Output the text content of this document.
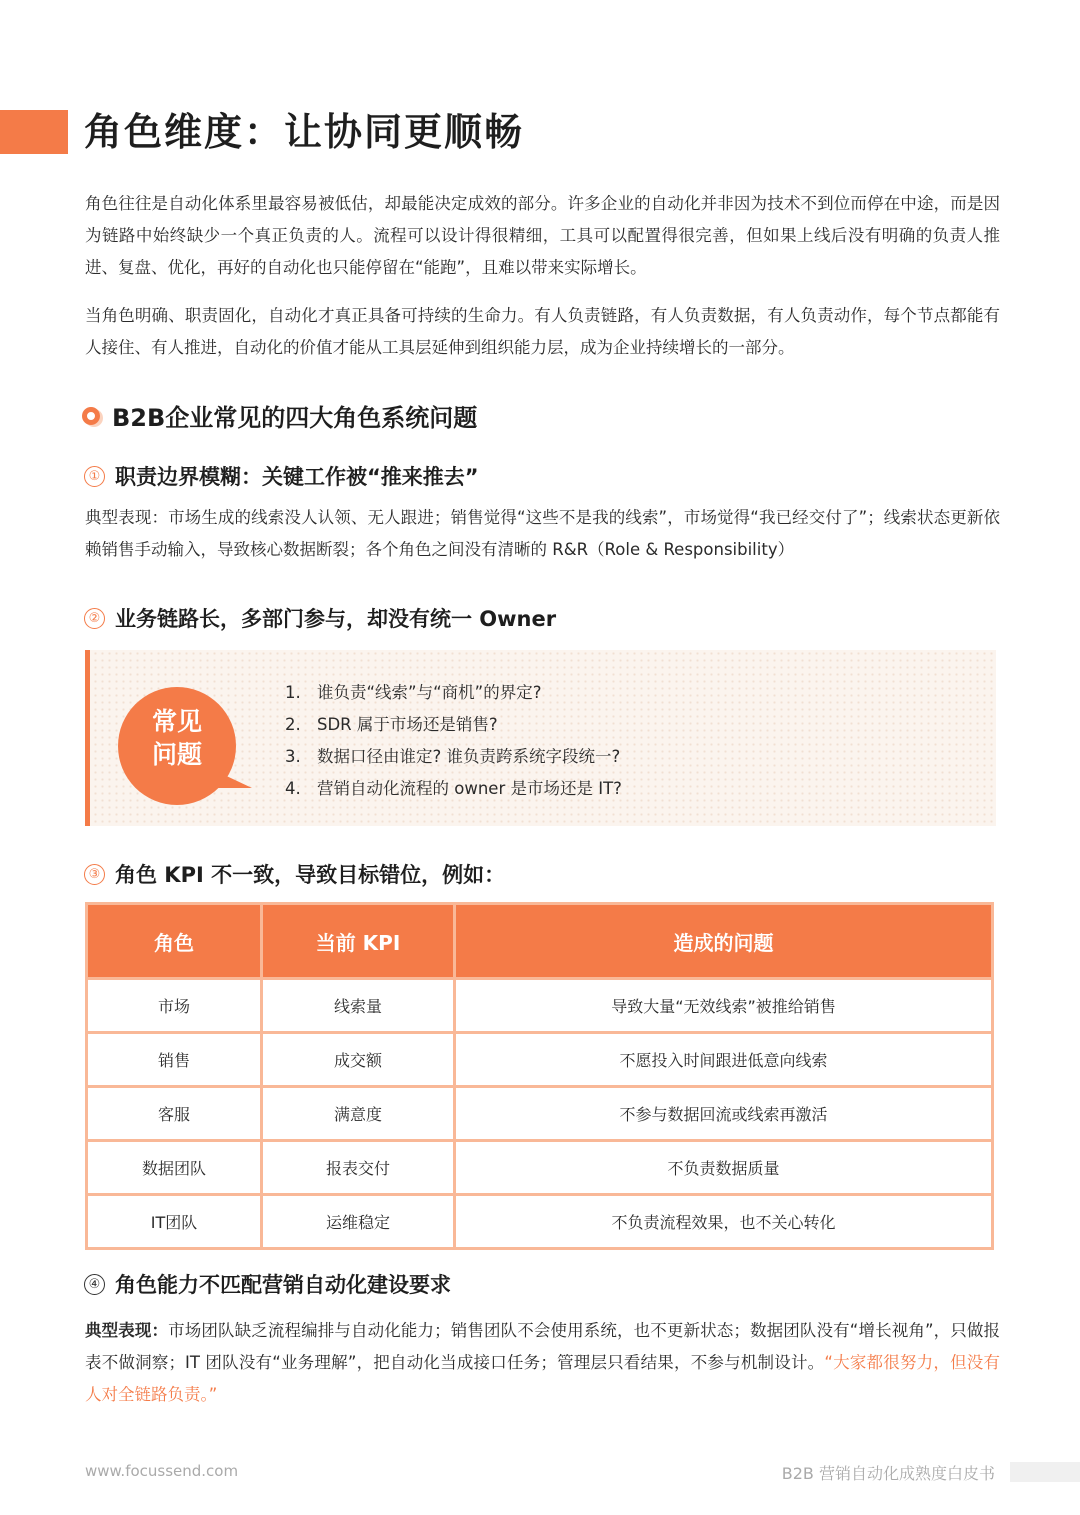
角色维度：让协同更顺畅

角色往往是自动化体系里最容易被低估，却最能决定成效的部分。许多企业的自动化并非因为技术不到位而停在中途，而是因为链路中始终缺少一个真正负责的人。流程可以设计得很精细，工具可以配置得很完善，但如果上线后没有明确的负责人推进、复盘、优化，再好的自动化也只能停留在“能跑”，且难以带来实际增长。

当角色明确、职责固化，自动化才真正具备可持续的生命力。有人负责链路，有人负责数据，有人负责动作，每个节点都能有人接住、有人推进，自动化的价值才能从工具层延伸到组织能力层，成为企业持续增长的一部分。

B2B企业常见的四大角色系统问题
① 职责边界模糊：关键工作被“推来推去”

典型表现：市场生成的线索没人认领、无人跟进；销售觉得“这些不是我的线索”，市场觉得“我已经交付了”；线索状态更新依赖销售手动输入，导致核心数据断裂；各个角色之间没有清晰的 R&R（Role & Responsibility）

② 业务链路长，多部门参与，却没有统一 Owner
常见
问题
1. 谁负责“线索”与“商机”的界定?
2. SDR 属于市场还是销售?
3. 数据口径由谁定? 谁负责跨系统字段统一?
4. 营销自动化流程的 owner 是市场还是 IT?
③ 角色 KPI 不一致，导致目标错位，例如：
角色	当前 KPI	造成的问题
市场	线索量	导致大量“无效线索”被推给销售
销售	成交额	不愿投入时间跟进低意向线索
客服	满意度	不参与数据回流或线索再激活
数据团队	报表交付	不负责数据质量
IT团队	运维稳定	不负责流程效果，也不关心转化
④ 角色能力不匹配营销自动化建设要求

典型表现：市场团队缺乏流程编排与自动化能力；销售团队不会使用系统，也不更新状态；数据团队没有“增长视角”，只做报表不做洞察；IT 团队没有“业务理解”，把自动化当成接口任务；管理层只看结果，不参与机制设计。“大家都很努力，但没有人对全链路负责。”

www.focussend.com	B2B 营销自动化成熟度白皮书
